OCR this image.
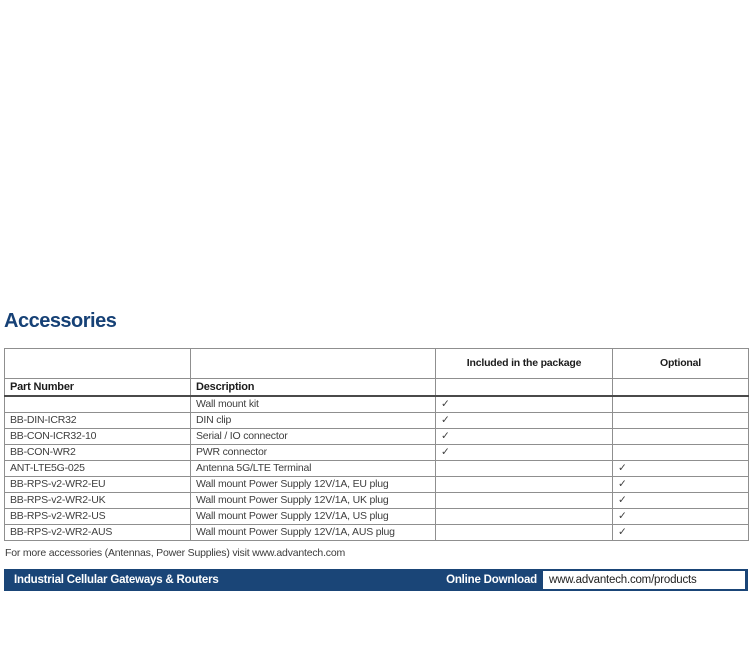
Accessories
		Included in the package	Optional
Part Number	Description		
	Wall mount kit	✓	
BB-DIN-ICR32	DIN clip	✓	
BB-CON-ICR32-10	Serial / IO connector	✓	
BB-CON-WR2	PWR connector	✓	
ANT-LTE5G-025	Antenna 5G/LTE Terminal		✓
BB-RPS-v2-WR2-EU	Wall mount Power Supply 12V/1A, EU plug		✓
BB-RPS-v2-WR2-UK	Wall mount Power Supply 12V/1A, UK plug		✓
BB-RPS-v2-WR2-US	Wall mount Power Supply 12V/1A, US plug		✓
BB-RPS-v2-WR2-AUS	Wall mount Power Supply 12V/1A, AUS plug		✓
For more accessories (Antennas, Power Supplies) visit www.advantech.com
Industrial Cellular Gateways & Routers	Online Download	www.advantech.com/products
